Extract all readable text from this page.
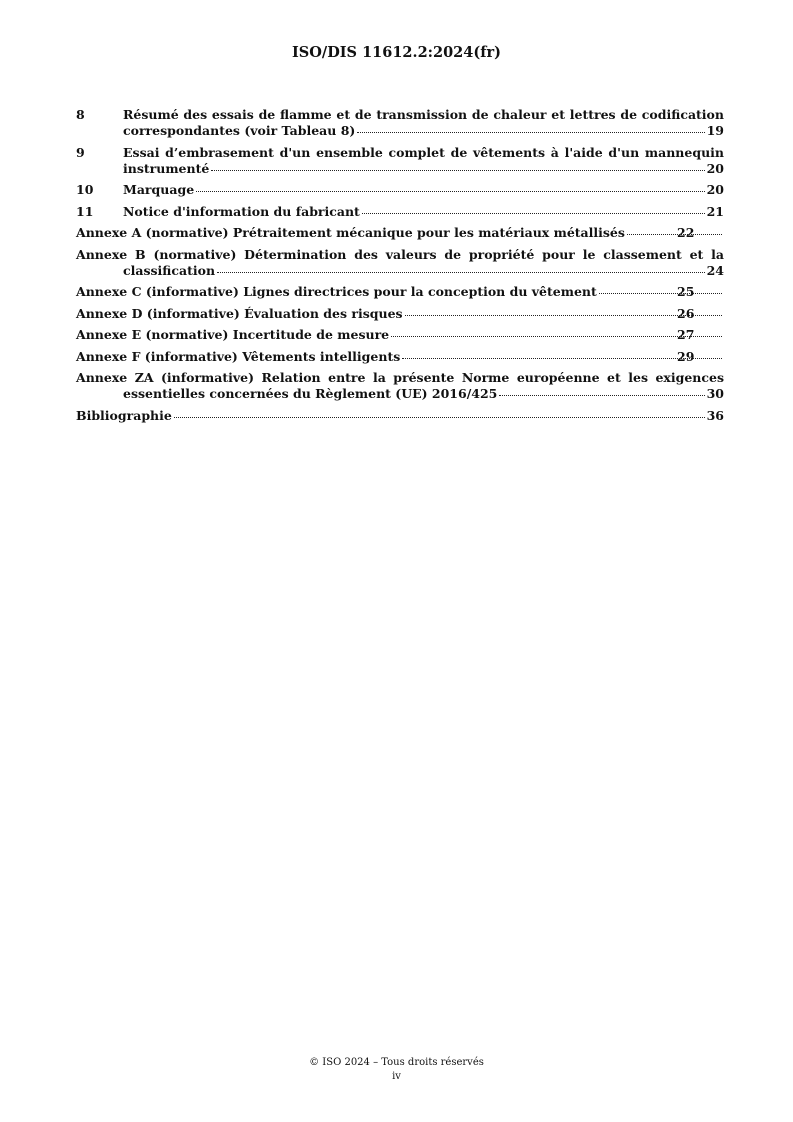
ISO/DIS 11612.2:2024(fr)
8	Résumé des essais de flamme et de transmission de chaleur et lettres de codification
correspondantes (voir Tableau 8)	19
9	Essai d’embrasement d'un ensemble complet de vêtements à l'aide d'un mannequin
instrumenté	20
10 Marquage	20
11 Notice d'information du fabricant	21
Annexe A (normative) Prétraitement mécanique pour les matériaux métallisés	22
Annexe B (normative) Détermination des valeurs de propriété pour le classement et la
classification	24
Annexe C (informative) Lignes directrices pour la conception du vêtement	25
Annexe D (informative) Évaluation des risques	26
Annexe E (normative) Incertitude de mesure	27
Annexe F (informative) Vêtements intelligents	29
Annexe ZA (informative) Relation entre la présente Norme européenne et les exigences
essentielles concernées du Règlement (UE) 2016/425	30
Bibliographie	36
© ISO 2024 – Tous droits réservés
iv
